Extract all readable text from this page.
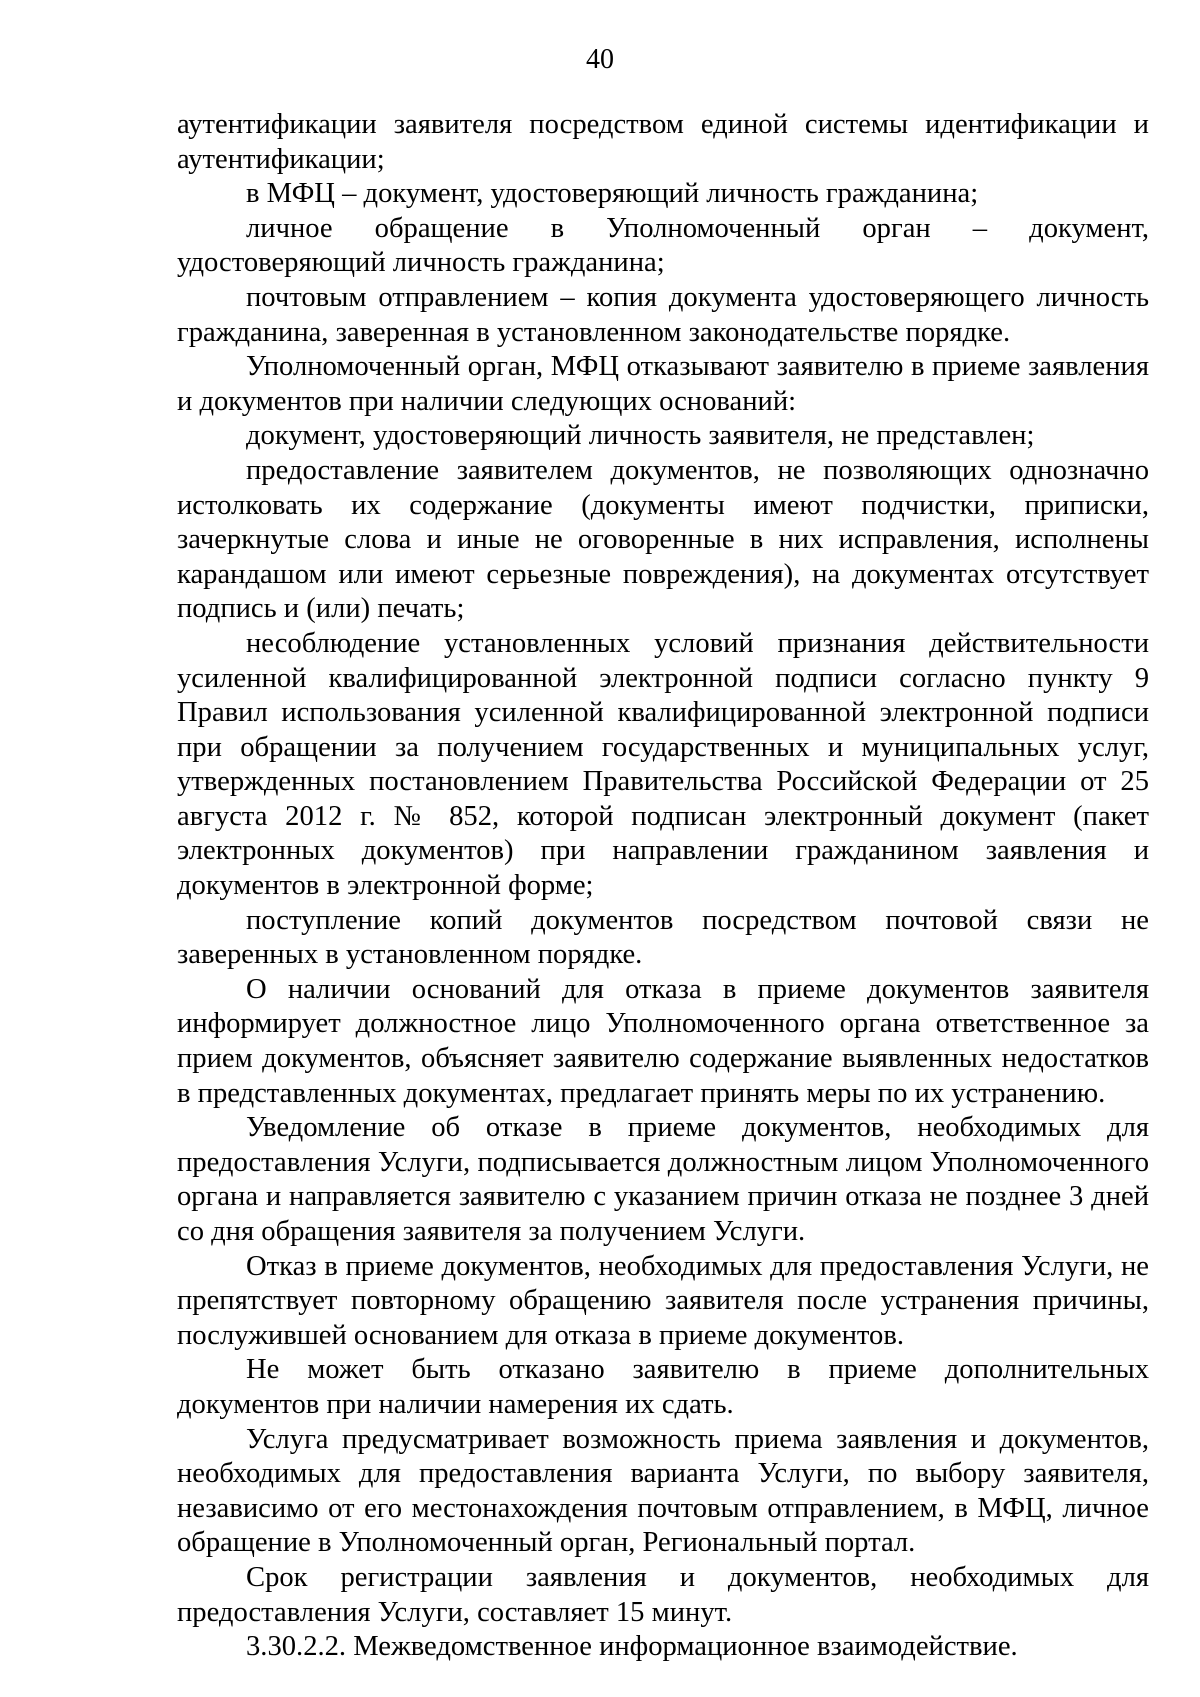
40

аутентификации заявителя посредством единой системы идентификации и аутентификации;

в МФЦ – документ, удостоверяющий личность гражданина;

личное обращение в Уполномоченный орган – документ, удостоверяющий личность гражданина;

почтовым отправлением – копия документа удостоверяющего личность гражданина, заверенная в установленном законодательстве порядке.

Уполномоченный орган, МФЦ отказывают заявителю в приеме заявления и документов при наличии следующих оснований:

документ, удостоверяющий личность заявителя, не представлен;

предоставление заявителем документов, не позволяющих однозначно истолковать их содержание (документы имеют подчистки, приписки, зачеркнутые слова и иные не оговоренные в них исправления, исполнены карандашом или имеют серьезные повреждения), на документах отсутствует подпись и (или) печать;

несоблюдение установленных условий признания действительности усиленной квалифицированной электронной подписи согласно пункту 9 Правил использования усиленной квалифицированной электронной подписи при обращении за получением государственных и муниципальных услуг, утвержденных постановлением Правительства Российской Федерации от 25 августа 2012 г. № 852, которой подписан электронный документ (пакет электронных документов) при направлении гражданином заявления и документов в электронной форме;

поступление копий документов посредством почтовой связи не заверенных в установленном порядке.

О наличии оснований для отказа в приеме документов заявителя информирует должностное лицо Уполномоченного органа ответственное за прием документов, объясняет заявителю содержание выявленных недостатков в представленных документах, предлагает принять меры по их устранению.

Уведомление об отказе в приеме документов, необходимых для предоставления Услуги, подписывается должностным лицом Уполномоченного органа и направляется заявителю с указанием причин отказа не позднее 3 дней со дня обращения заявителя за получением Услуги.

Отказ в приеме документов, необходимых для предоставления Услуги, не препятствует повторному обращению заявителя после устранения причины, послужившей основанием для отказа в приеме документов.

Не может быть отказано заявителю в приеме дополнительных документов при наличии намерения их сдать.

Услуга предусматривает возможность приема заявления и документов, необходимых для предоставления варианта Услуги, по выбору заявителя, независимо от его местонахождения почтовым отправлением, в МФЦ, личное обращение в Уполномоченный орган, Региональный портал.

Срок регистрации заявления и документов, необходимых для предоставления Услуги, составляет 15 минут.

3.30.2.2. Межведомственное информационное взаимодействие.
